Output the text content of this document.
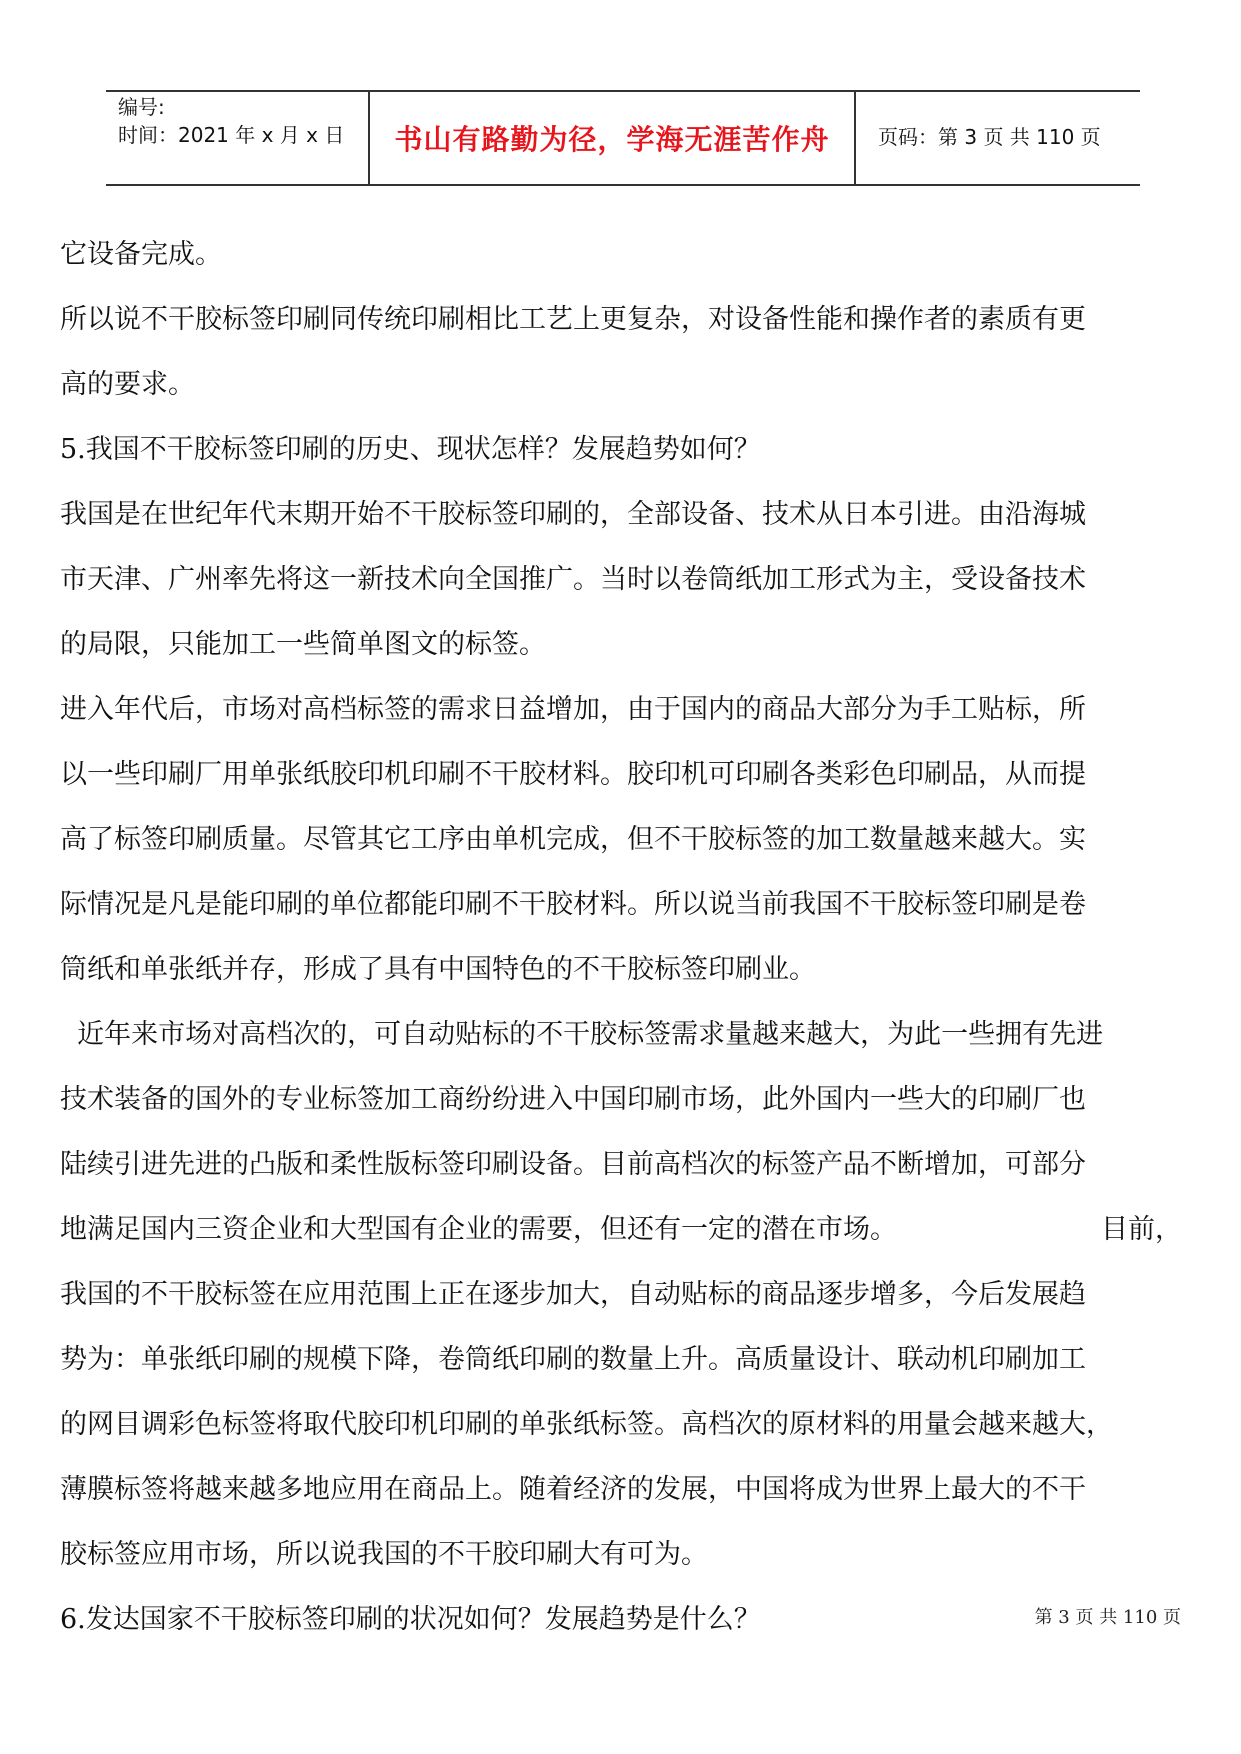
编号:
时间：2021 年 x 月 x 日	书山有路勤为径，学海无涯苦作舟	页码：第 3 页 共 110 页
它设备完成。
所以说不干胶标签印刷同传统印刷相比工艺上更复杂，对设备性能和操作者的素质有更
高的要求。
5.我国不干胶标签印刷的历史、现状怎样？发展趋势如何？
我国是在世纪年代末期开始不干胶标签印刷的，全部设备、技术从日本引进。由沿海城
市天津、广州率先将这一新技术向全国推广。当时以卷筒纸加工形式为主，受设备技术
的局限，只能加工一些简单图文的标签。
进入年代后，市场对高档标签的需求日益增加，由于国内的商品大部分为手工贴标，所
以一些印刷厂用单张纸胶印机印刷不干胶材料。胶印机可印刷各类彩色印刷品，从而提
高了标签印刷质量。尽管其它工序由单机完成，但不干胶标签的加工数量越来越大。实
际情况是凡是能印刷的单位都能印刷不干胶材料。所以说当前我国不干胶标签印刷是卷
筒纸和单张纸并存，形成了具有中国特色的不干胶标签印刷业。
近年来市场对高档次的，可自动贴标的不干胶标签需求量越来越大，为此一些拥有先进
技术装备的国外的专业标签加工商纷纷进入中国印刷市场，此外国内一些大的印刷厂也
陆续引进先进的凸版和柔性版标签印刷设备。目前高档次的标签产品不断增加，可部分
目前，
地满足国内三资企业和大型国有企业的需要，但还有一定的潜在市场。
我国的不干胶标签在应用范围上正在逐步加大，自动贴标的商品逐步增多，今后发展趋
势为：单张纸印刷的规模下降，卷筒纸印刷的数量上升。高质量设计、联动机印刷加工
的网目调彩色标签将取代胶印机印刷的单张纸标签。高档次的原材料的用量会越来越大，
薄膜标签将越来越多地应用在商品上。随着经济的发展，中国将成为世界上最大的不干
胶标签应用市场，所以说我国的不干胶印刷大有可为。
6.发达国家不干胶标签印刷的状况如何？发展趋势是什么？	第 3 页 共 110 页
